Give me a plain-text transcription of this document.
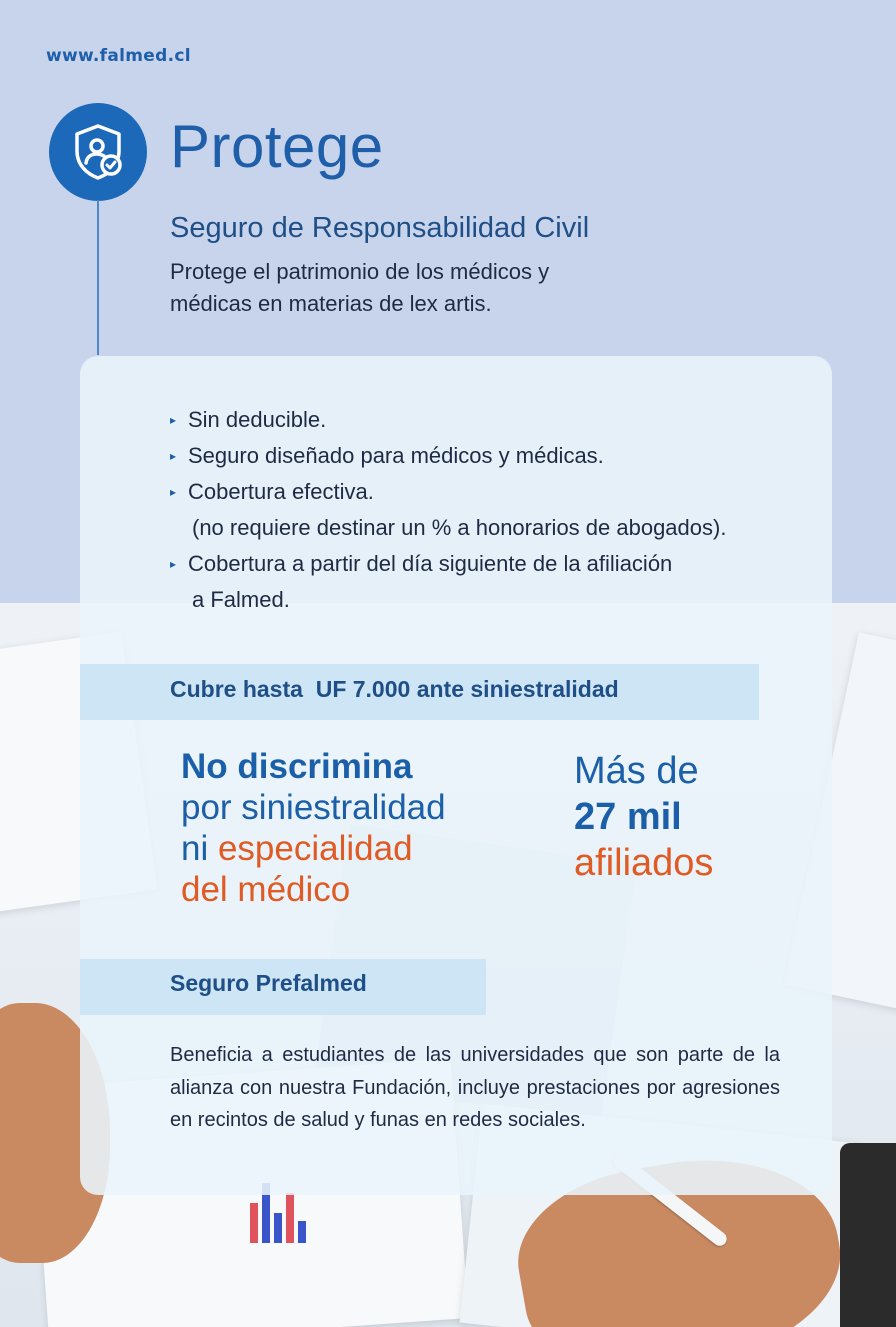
www.falmed.cl
Protege
Seguro de Responsabilidad Civil
Protege el patrimonio de los médicos y
médicas en materias de lex artis.
▸ Sin deducible.
▸ Seguro diseñado para médicos y médicas.
▸ Cobertura efectiva.
(no requiere destinar un % a honorarios de abogados).
▸ Cobertura a partir del día siguiente de la afiliación
a Falmed.
Cubre hasta  UF 7.000 ante siniestralidad
No discrimina
por siniestralidad
ni especialidad
del médico
Más de
27 mil
afiliados
Seguro Prefalmed
Beneficia a estudiantes de las universidades que son parte de la alianza con nuestra Fundación, incluye prestaciones por agresiones en recintos de salud y funas en redes sociales.
